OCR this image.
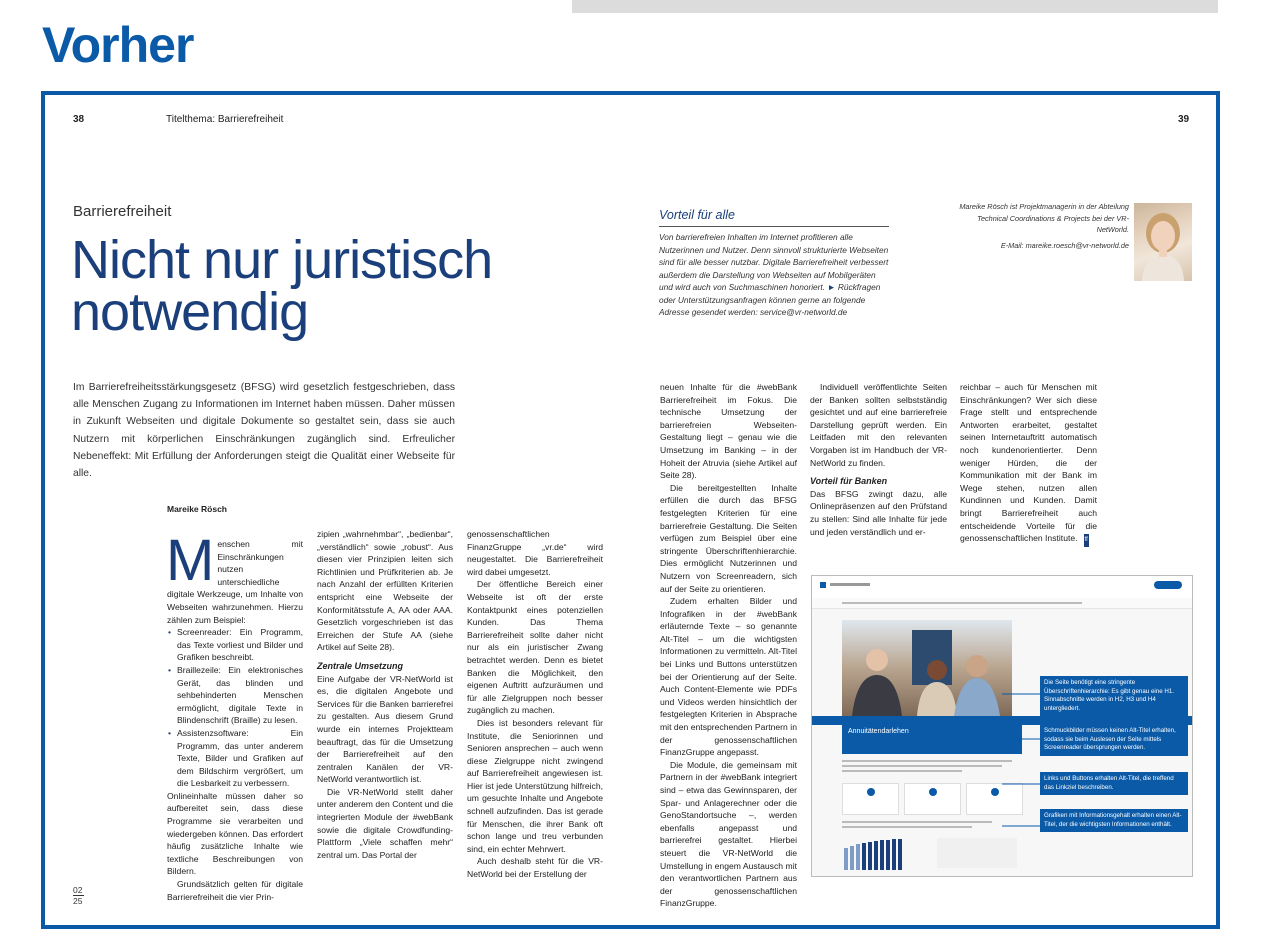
Vorher
38	Titelthema: Barrierefreiheit	39
Barrierefreiheit
Nicht nur juristisch
notwendig
Im Barrierefreiheitsstärkungsgesetz (BFSG) wird gesetzlich festgeschrieben, dass alle Menschen Zugang zu Informationen im Internet haben müssen. Daher müssen in Zukunft Webseiten und digitale Dokumente so gestaltet sein, dass sie auch Nutzern mit körperlichen Einschränkungen zugänglich sind. Erfreulicher Nebeneffekt: Mit Erfüllung der Anforderungen steigt die Qualität einer Webseite für alle.
Mareike Rösch

Menschen mit Einschränkungen nutzen unterschiedliche digitale Werkzeuge, um Inhalte von Webseiten wahrzunehmen. Hierzu zählen zum Beispiel:

• Screenreader: Ein Programm, das Texte vorliest und Bilder und Grafiken beschreibt.
• Braillezeile: Ein elektronisches Gerät, das blinden und sehbehinderten Menschen ermöglicht, digitale Texte in Blindenschrift (Braille) zu lesen.
• Assistenzsoftware: Ein Programm, das unter anderem Texte, Bilder und Grafiken auf dem Bildschirm vergrößert, um die Lesbarkeit zu verbessern.

Onlineinhalte müssen daher so aufbereitet sein, dass diese Programme sie verarbeiten und wiedergeben können. Das erfordert häufig zusätzliche Inhalte wie textliche Beschreibungen von Bildern.

Grundsätzlich gelten für digitale Barrierefreiheit die vier Prin-

zipien „wahrnehmbar“, „bedienbar“, „verständlich“ sowie „robust“. Aus diesen vier Prinzipien leiten sich Richtlinien und Prüfkriterien ab. Je nach Anzahl der erfüllten Kriterien entspricht eine Webseite der Konformitätsstufe A, AA oder AAA. Gesetzlich vorgeschrieben ist das Erreichen der Stufe AA (siehe Artikel auf Seite 28).

Zentrale Umsetzung

Eine Aufgabe der VR-NetWorld ist es, die digitalen Angebote und Services für die Banken barrierefrei zu gestalten. Aus diesem Grund wurde ein internes Projektteam beauftragt, das für die Umsetzung der Barrierefreiheit auf den zentralen Kanälen der VR-NetWorld verantwortlich ist.

Die VR-NetWorld stellt daher unter anderem den Content und die integrierten Module der #webBank sowie die digitale Crowdfunding-Plattform „Viele schaffen mehr“ zentral um. Das Portal der

genossenschaftlichen FinanzGruppe „vr.de“ wird neugestaltet. Die Barrierefreiheit wird dabei umgesetzt.

Der öffentliche Bereich einer Webseite ist oft der erste Kontaktpunkt eines potenziellen Kunden. Das Thema Barrierefreiheit sollte daher nicht nur als ein juristischer Zwang betrachtet werden. Denn es bietet Banken die Möglichkeit, den eigenen Auftritt aufzuräumen und für alle Zielgruppen noch besser zugänglich zu machen.

Dies ist besonders relevant für Institute, die Seniorinnen und Senioren ansprechen – auch wenn diese Zielgruppe nicht zwingend auf Barrierefreiheit angewiesen ist. Hier ist jede Unterstützung hilfreich, um gesuchte Inhalte und Angebote schnell aufzufinden. Das ist gerade für Menschen, die ihrer Bank oft schon lange und treu verbunden sind, ein echter Mehrwert.

Auch deshalb steht für die VR-NetWorld bei der Erstellung der

Vorteil für alle
Von barrierefreien Inhalten im Internet profitieren alle Nutzerinnen und Nutzer. Denn sinnvoll strukturierte Webseiten sind für alle besser nutzbar. Digitale Barrierefreiheit verbessert außerdem die Darstellung von Webseiten auf Mobilgeräten und wird auch von Suchmaschinen honoriert. ► Rückfragen oder Unterstützungsanfragen können gerne an folgende Adresse gesendet werden: service@vr-networld.de
Mareike Rösch ist Projektmanagerin in der Abteilung Technical Coordinations & Projects bei der VR-NetWorld.
E-Mail: mareike.roesch@vr-networld.de

neuen Inhalte für die #webBank Barrierefreiheit im Fokus. Die technische Umsetzung der barrierefreien Webseiten-Gestaltung liegt – genau wie die Umsetzung im Banking – in der Hoheit der Atruvia (siehe Artikel auf Seite 28).

Die bereitgestellten Inhalte erfüllen die durch das BFSG festgelegten Kriterien für eine barrierefreie Gestaltung. Die Seiten verfügen zum Beispiel über eine stringente Überschriftenhierarchie. Dies ermöglicht Nutzerinnen und Nutzern von Screenreadern, sich auf der Seite zu orientieren.

Zudem erhalten Bilder und Infografiken in der #webBank erläuternde Texte – so genannte Alt-Titel – um die wichtigsten Informationen zu vermitteln. Alt-Titel bei Links und Buttons unterstützen bei der Orientierung auf der Seite. Auch Content-Elemente wie PDFs und Videos werden hinsichtlich der festgelegten Kriterien in Absprache mit den entsprechenden Partnern in der genossenschaftlichen FinanzGruppe angepasst.

Die Module, die gemeinsam mit Partnern in der #webBank integriert sind – etwa das Gewinnsparen, der Spar- und Anlagerechner oder die GenoStandortsuche –, werden ebenfalls angepasst und barrierefrei gestaltet. Hierbei steuert die VR-NetWorld die Umstellung in engem Austausch mit den verantwortlichen Partnern aus der genossenschaftlichen FinanzGruppe.

Individuell veröffentlichte Seiten der Banken sollten selbstständig gesichtet und auf eine barrierefreie Darstellung geprüft werden. Ein Leitfaden mit den relevanten Vorgaben ist im Handbuch der VR-NetWorld zu finden.

Vorteil für Banken

Das BFSG zwingt dazu, alle Onlinepräsenzen auf den Prüfstand zu stellen: Sind alle Inhalte für jede und jeden verständlich und er-

reichbar – auch für Menschen mit Einschränkungen? Wer sich diese Frage stellt und entsprechende Antworten erarbeitet, gestaltet seinen Internetauftritt automatisch noch kundenorientierter. Denn weniger Hürden, die der Kommunikation mit der Bank im Wege stehen, nutzen allen Kundinnen und Kunden. Damit bringt Barrierefreiheit auch entscheidende Vorteile für die genossenschaftlichen Institute. ff

Annuitätendarlehen
Die Seite benötigt eine stringente Überschriftenhierarchie: Es gibt genau eine H1. Sinnabschnitte werden in H2, H3 und H4 untergliedert.
Schmuckbilder müssen keinen Alt-Titel erhalten, sodass sie beim Auslesen der Seite mittels Screenreader übersprungen werden.
Links und Buttons erhalten Alt-Titel, die treffend das Linkziel beschreiben.
Grafiken mit Informationsgehalt erhalten einen Alt-Titel, der die wichtigsten Informationen enthält.
02
25
